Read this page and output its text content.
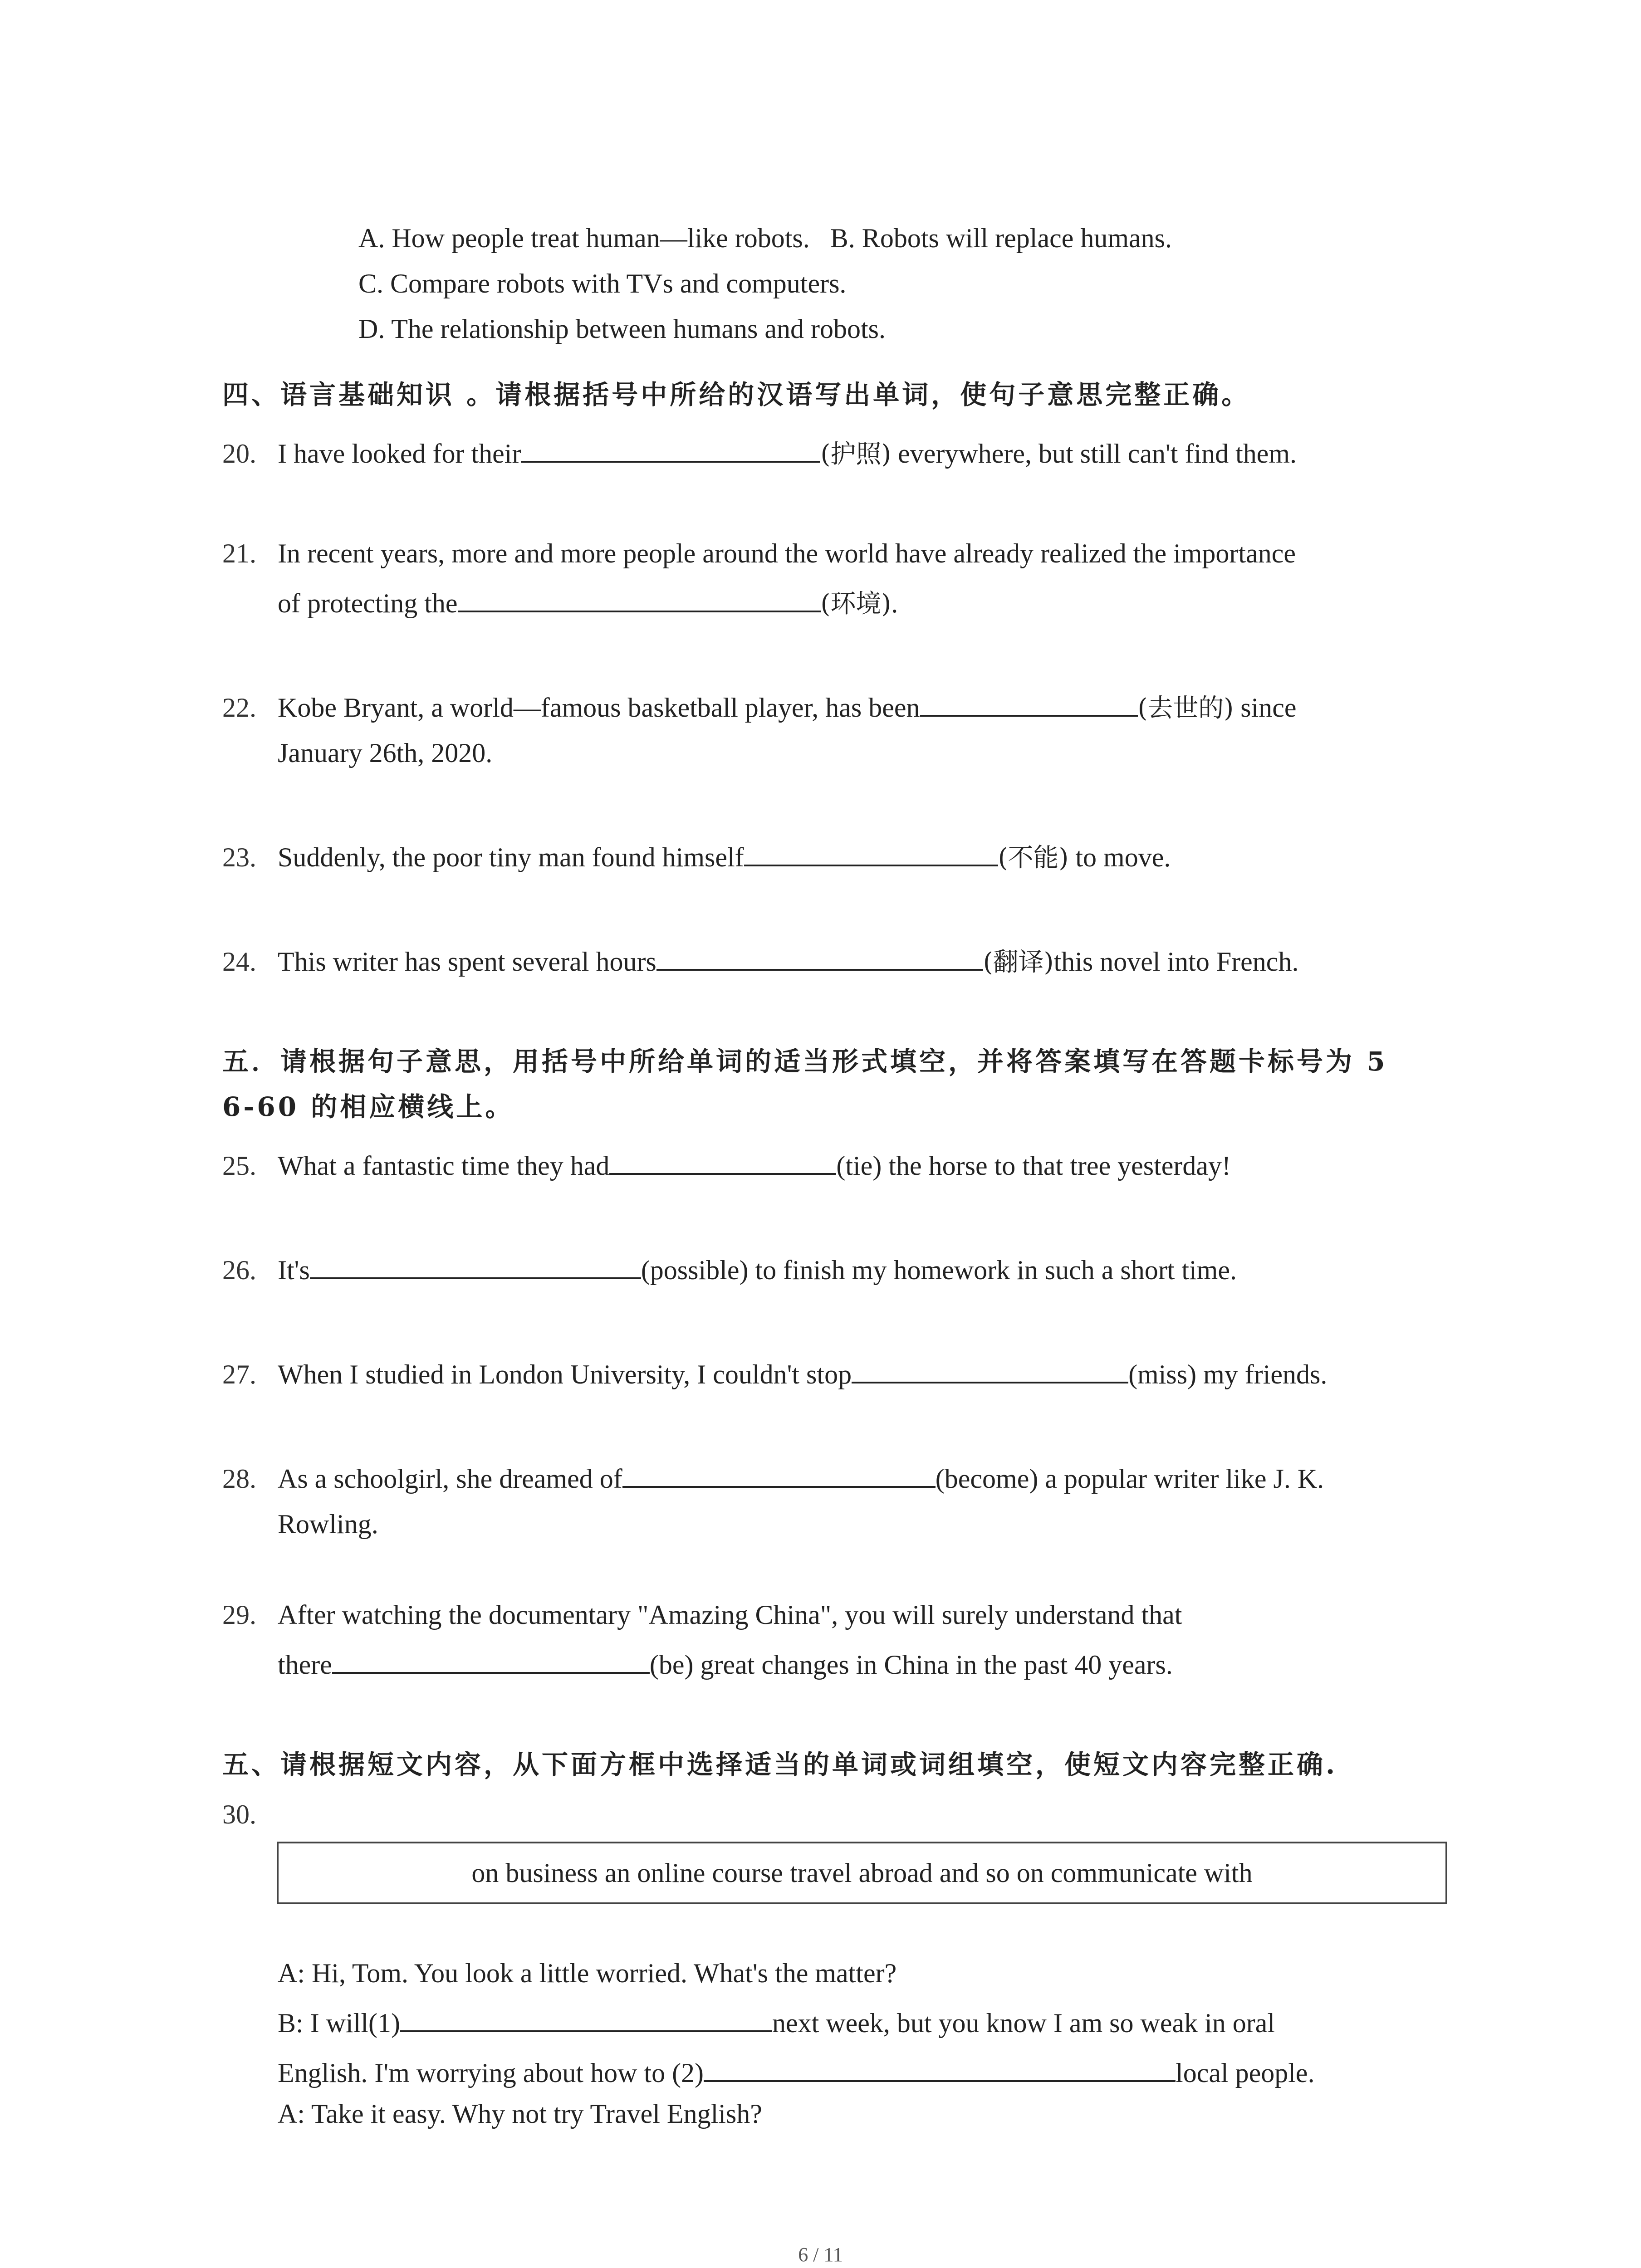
A. How people treat human—like robots. B. Robots will replace humans.
C. Compare robots with TVs and computers.
D. The relationship between humans and robots.
四、语言基础知识 。请根据括号中所给的汉语写出单词，使句子意思完整正确。
20. I have looked for their	(护照) everywhere, but still can't find them.
21. In recent years, more and more people around the world have already realized the importance
of protecting the	(环境).
22. Kobe Bryant, a world—famous basketball player, has been	(去世的) since
January 26th, 2020.
23. Suddenly, the poor tiny man found himself	(不能) to move.
24. This writer has spent several hours	(翻译)this novel into French.
五．请根据句子意思，用括号中所给单词的适当形式填空，并将答案填写在答题卡标号为 5
6-60 的相应横线上。
25. What a fantastic time they had	(tie) the horse to that tree yesterday!
26. It's	(possible) to finish my homework in such a short time.
27. When I studied in London University, I couldn't stop	(miss) my friends.
28. As a schoolgirl, she dreamed of	(become) a popular writer like J. K.
Rowling.
29. After watching the documentary "Amazing China", you will surely understand that
there	(be) great changes in China in the past 40 years.
五、请根据短文内容，从下面方框中选择适当的单词或词组填空，使短文内容完整正确.
30.
on business an online course travel abroad and so on communicate with
A: Hi, Tom. You look a little worried. What's the matter?
B: I will(1)	next week, but you know I am so weak in oral
English. I'm worrying about how to (2)	local people.
A: Take it easy. Why not try Travel English?
6 / 11
